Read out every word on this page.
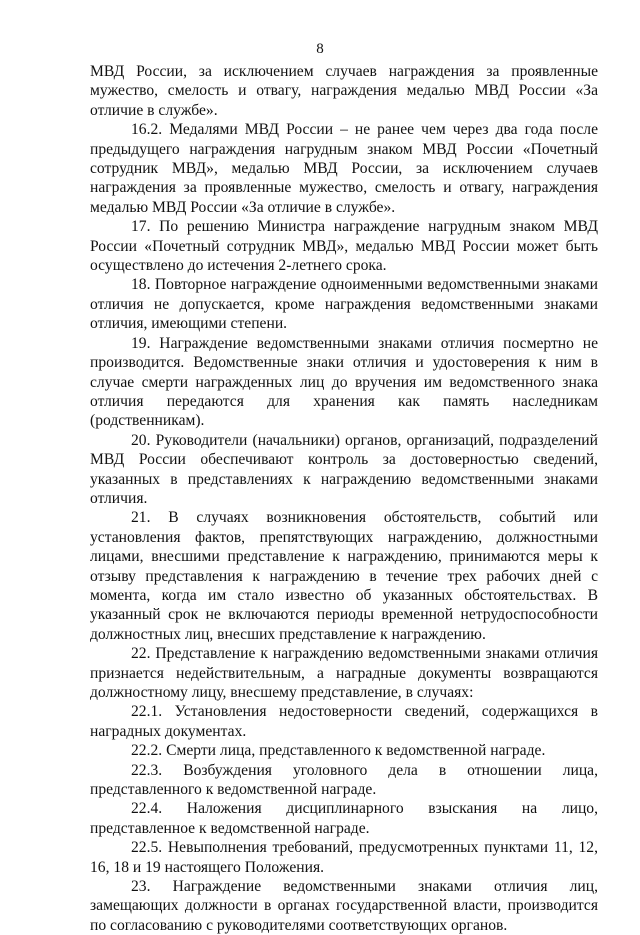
8

МВД России, за исключением случаев награждения за проявленные мужество, смелость и отвагу, награждения медалью МВД России «За отличие в службе».

16.2. Медалями МВД России – не ранее чем через два года после предыдущего награждения нагрудным знаком МВД России «Почетный сотрудник МВД», медалью МВД России, за исключением случаев награждения за проявленные мужество, смелость и отвагу, награждения медалью МВД России «За отличие в службе».

17. По решению Министра награждение нагрудным знаком МВД России «Почетный сотрудник МВД», медалью МВД России может быть осуществлено до истечения 2-летнего срока.

18. Повторное награждение одноименными ведомственными знаками отличия не допускается, кроме награждения ведомственными знаками отличия, имеющими степени.

19. Награждение ведомственными знаками отличия посмертно не производится. Ведомственные знаки отличия и удостоверения к ним в случае смерти награжденных лиц до вручения им ведомственного знака отличия передаются для хранения как память наследникам (родственникам).

20. Руководители (начальники) органов, организаций, подразделений МВД России обеспечивают контроль за достоверностью сведений, указанных в представлениях к награждению ведомственными знаками отличия.

21. В случаях возникновения обстоятельств, событий или установления фактов, препятствующих награждению, должностными лицами, внесшими представление к награждению, принимаются меры к отзыву представления к награждению в течение трех рабочих дней с момента, когда им стало известно об указанных обстоятельствах. В указанный срок не включаются периоды временной нетрудоспособности должностных лиц, внесших представление к награждению.

22. Представление к награждению ведомственными знаками отличия признается недействительным, а наградные документы возвращаются должностному лицу, внесшему представление, в случаях:

22.1. Установления недостоверности сведений, содержащихся в наградных документах.

22.2. Смерти лица, представленного к ведомственной награде.

22.3. Возбуждения уголовного дела в отношении лица, представленного к ведомственной награде.

22.4. Наложения дисциплинарного взыскания на лицо, представленное к ведомственной награде.

22.5. Невыполнения требований, предусмотренных пунктами 11, 12, 16, 18 и 19 настоящего Положения.

23. Награждение ведомственными знаками отличия лиц, замещающих должности в органах государственной власти, производится по согласованию с руководителями соответствующих органов.
